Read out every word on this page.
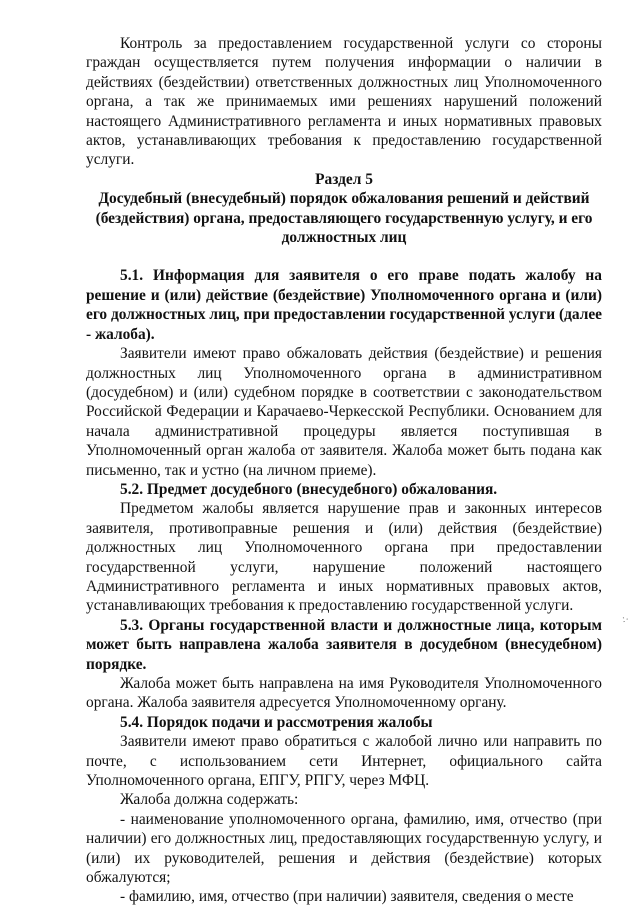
Контроль за предоставлением государственной услуги со стороны граждан осуществляется путем получения информации о наличии в действиях (бездействии) ответственных должностных лиц Уполномоченного органа, а так же принимаемых ими решениях нарушений положений настоящего Административного регламента и иных нормативных правовых актов, устанавливающих требования к предоставлению государственной услуги.

Раздел 5

Досудебный (внесудебный) порядок обжалования решений и действий

(бездействия) органа, предоставляющего государственную услугу, и его

должностных лиц

5.1. Информация для заявителя о его праве подать жалобу на решение и (или) действие (бездействие) Уполномоченного органа и (или) его должностных лиц, при предоставлении государственной услуги (далее - жалоба).

Заявители имеют право обжаловать действия (бездействие) и решения должностных лиц Уполномоченного органа в административном (досудебном) и (или) судебном порядке в соответствии с законодательством Российской Федерации и Карачаево-Черкесской Республики. Основанием для начала административной процедуры является поступившая в Уполномоченный орган жалоба от заявителя. Жалоба может быть подана как письменно, так и устно (на личном приеме).

5.2. Предмет досудебного (внесудебного) обжалования.

Предметом жалобы является нарушение прав и законных интересов заявителя, противоправные решения и (или) действия (бездействие) должностных лиц Уполномоченного органа при предоставлении государственной услуги, нарушение положений настоящего Административного регламента и иных нормативных правовых актов, устанавливающих требования к предоставлению государственной услуги.

5.3. Органы государственной власти и должностные лица, которым может быть направлена жалоба заявителя в досудебном (внесудебном) порядке.

Жалоба может быть направлена на имя Руководителя Уполномоченного органа. Жалоба заявителя адресуется Уполномоченному органу.

5.4. Порядок подачи и рассмотрения жалобы

Заявители имеют право обратиться с жалобой лично или направить по почте, с использованием сети Интернет, официального сайта Уполномоченного органа, ЕПГУ, РПГУ, через МФЦ.

Жалоба должна содержать:

- наименование уполномоченного органа, фамилию, имя, отчество (при наличии) его должностных лиц, предоставляющих государственную услугу, и (или) их руководителей, решения и действия (бездействие) которых обжалуются;

- фамилию, имя, отчество (при наличии) заявителя, сведения о месте

∴
